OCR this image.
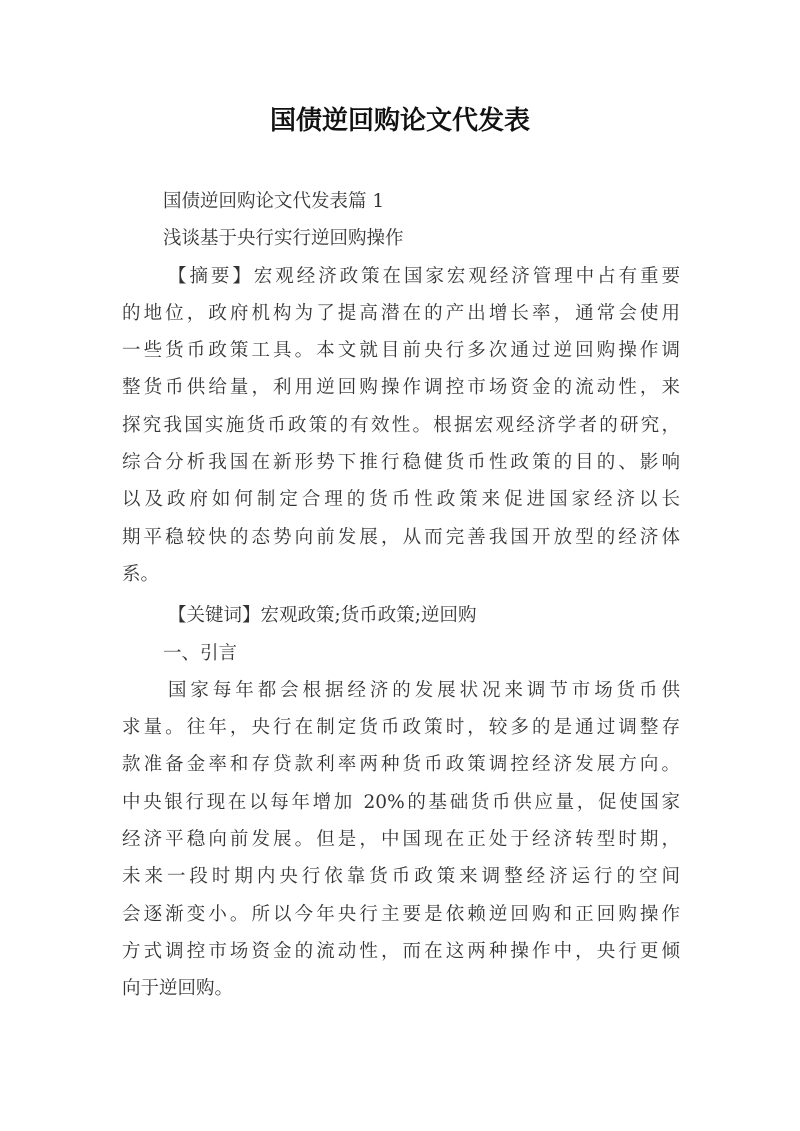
国债逆回购论文代发表
国债逆回购论文代发表篇 1
浅谈基于央行实行逆回购操作
【摘要】宏观经济政策在国家宏观经济管理中占有重要
的地位，政府机构为了提高潜在的产出增长率，通常会使用
一些货币政策工具。本文就目前央行多次通过逆回购操作调
整货币供给量，利用逆回购操作调控市场资金的流动性，来
探究我国实施货币政策的有效性。根据宏观经济学者的研究，
综合分析我国在新形势下推行稳健货币性政策的目的、影响
以及政府如何制定合理的货币性政策来促进国家经济以长
期平稳较快的态势向前发展，从而完善我国开放型的经济体
系。
【关键词】宏观政策;货币政策;逆回购
一、引言
国家每年都会根据经济的发展状况来调节市场货币供
求量。往年，央行在制定货币政策时，较多的是通过调整存
款准备金率和存贷款利率两种货币政策调控经济发展方向。
中央银行现在以每年增加 20%的基础货币供应量，促使国家
经济平稳向前发展。但是，中国现在正处于经济转型时期，
未来一段时期内央行依靠货币政策来调整经济运行的空间
会逐渐变小。所以今年央行主要是依赖逆回购和正回购操作
方式调控市场资金的流动性，而在这两种操作中，央行更倾
向于逆回购。
